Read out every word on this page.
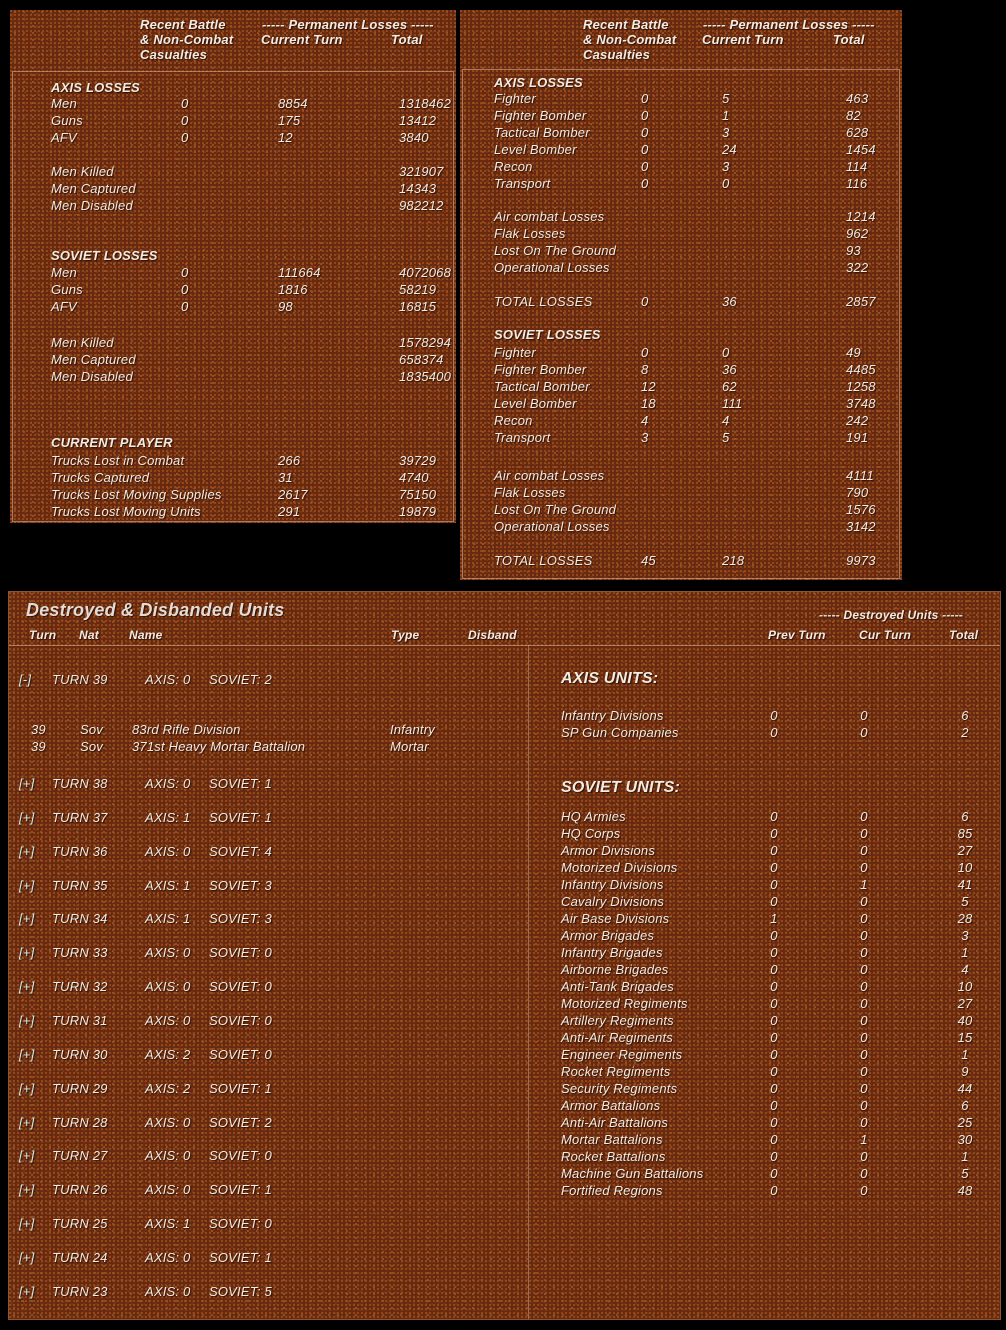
Recent Battle
& Non-Combat
Casualties
----- Permanent Losses -----
Current Turn	Total
AXIS LOSSES
Men	0	8854	1318462
Guns	0	175	13412
AFV	0	12	3840
Men Killed	321907
Men Captured	14343
Men Disabled	982212
SOVIET LOSSES
Men	0	111664	4072068
Guns	0	1816	58219
AFV	0	98	16815
Men Killed	1578294
Men Captured	658374
Men Disabled	1835400
CURRENT PLAYER
Trucks Lost in Combat	266	39729
Trucks Captured	31	4740
Trucks Lost Moving Supplies	2617	75150
Trucks Lost Moving Units	291	19879
Recent Battle
& Non-Combat
Casualties
----- Permanent Losses -----
Current Turn	Total
AXIS LOSSES
Fighter	0	5	463
Fighter Bomber	0	1	82
Tactical Bomber	0	3	628
Level Bomber	0	24	1454
Recon	0	3	114
Transport	0	0	116
Air combat Losses	1214
Flak Losses	962
Lost On The Ground	93
Operational Losses	322
TOTAL LOSSES	0	36	2857
SOVIET LOSSES
Fighter	0	0	49
Fighter Bomber	8	36	4485
Tactical Bomber	12	62	1258
Level Bomber	18	111	3748
Recon	4	4	242
Transport	3	5	191
Air combat Losses	4111
Flak Losses	790
Lost On The Ground	1576
Operational Losses	3142
TOTAL LOSSES	45	218	9973
Destroyed & Disbanded Units	----- Destroyed Units -----
Turn Nat	Name	Type	Disband	Prev Turn	Cur Turn	Total
[-] TURN 39	AXIS: 0 SOVIET: 2
39	Sov 83rd Rifle Division	Infantry
39	Sov 371st Heavy Mortar Battalion	Mortar
[+] TURN 38	AXIS: 0 SOVIET: 1
[+] TURN 37	AXIS: 1 SOVIET: 1
[+] TURN 36	AXIS: 0 SOVIET: 4
[+] TURN 35	AXIS: 1 SOVIET: 3
[+] TURN 34	AXIS: 1 SOVIET: 3
[+] TURN 33	AXIS: 0 SOVIET: 0
[+] TURN 32	AXIS: 0 SOVIET: 0
[+] TURN 31	AXIS: 0 SOVIET: 0
[+] TURN 30	AXIS: 2 SOVIET: 0
[+] TURN 29	AXIS: 2 SOVIET: 1
[+] TURN 28	AXIS: 0 SOVIET: 2
[+] TURN 27	AXIS: 0 SOVIET: 0
[+] TURN 26	AXIS: 0 SOVIET: 1
[+] TURN 25	AXIS: 1 SOVIET: 0
[+] TURN 24	AXIS: 0 SOVIET: 1
[+] TURN 23	AXIS: 0 SOVIET: 5
AXIS UNITS:
Infantry Divisions	0	0	6
SP Gun Companies	0	0	2
SOVIET UNITS:
HQ Armies	0	0	6
HQ Corps	0	0	85
Armor Divisions	0	0	27
Motorized Divisions	0	0	10
Infantry Divisions	0	1	41
Cavalry Divisions	0	0	5
Air Base Divisions	1	0	28
Armor Brigades	0	0	3
Infantry Brigades	0	0	1
Airborne Brigades	0	0	4
Anti-Tank Brigades	0	0	10
Motorized Regiments	0	0	27
Artillery Regiments	0	0	40
Anti-Air Regiments	0	0	15
Engineer Regiments	0	0	1
Rocket Regiments	0	0	9
Security Regiments	0	0	44
Armor Battalions	0	0	6
Anti-Air Battalions	0	0	25
Mortar Battalions	0	1	30
Rocket Battalions	0	0	1
Machine Gun Battalions	0	0	5
Fortified Regions	0	0	48
